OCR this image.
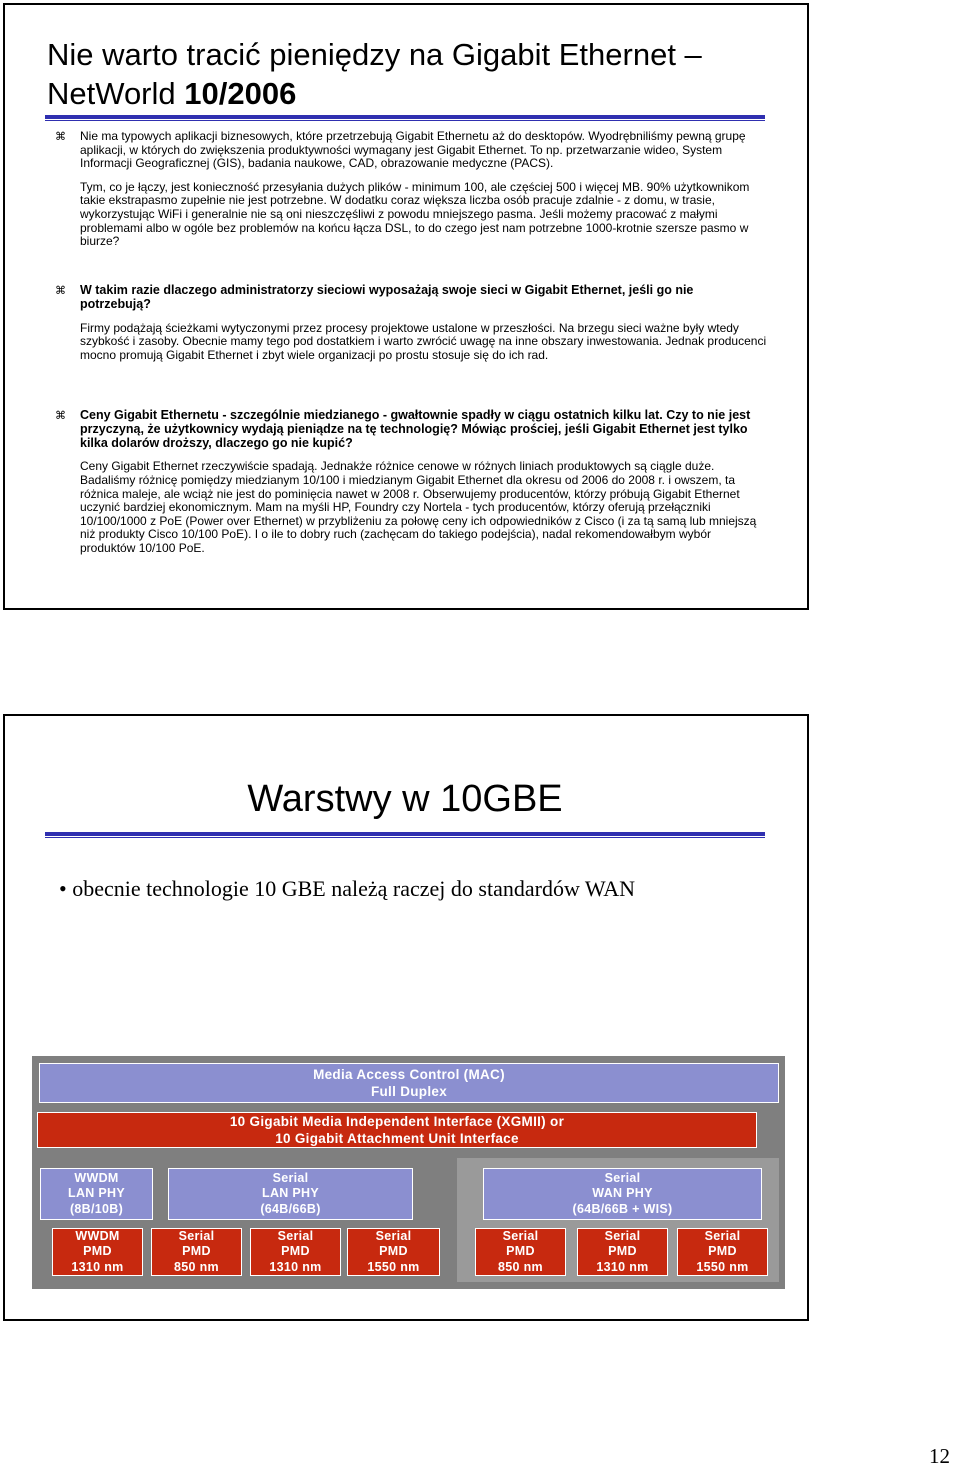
Nie warto tracić pieniędzy na Gigabit Ethernet –
NetWorld 10/2006
⌘ Nie ma typowych aplikacji biznesowych, które przetrzebują Gigabit Ethernetu aż do desktopów. Wyodrębniliśmy pewną grupę aplikacji, w których do zwiększenia produktywności wymagany jest Gigabit Ethernet. To np. przetwarzanie wideo, System Informacji Geograficznej (GIS), badania naukowe, CAD, obrazowanie medyczne (PACS).

Tym, co je łączy, jest konieczność przesyłania dużych plików - minimum 100, ale częściej 500 i więcej MB. 90% użytkownikom takie ekstrapasmo zupełnie nie jest potrzebne. W dodatku coraz większa liczba osób pracuje zdalnie - z domu, w trasie, wykorzystując WiFi i generalnie nie są oni nieszczęśliwi z powodu mniejszego pasma. Jeśli możemy pracować z małymi problemami albo w ogóle bez problemów na końcu łącza DSL, to do czego jest nam potrzebne 1000-krotnie szersze pasmo w biurze?

⌘ W takim razie dlaczego administratorzy sieciowi wyposażają swoje sieci w Gigabit Ethernet, jeśli go nie potrzebują?

Firmy podążają ścieżkami wytyczonymi przez procesy projektowe ustalone w przeszłości. Na brzegu sieci ważne były wtedy szybkość i zasoby. Obecnie mamy tego pod dostatkiem i warto zwrócić uwagę na inne obszary inwestowania. Jednak producenci mocno promują Gigabit Ethernet i zbyt wiele organizacji po prostu stosuje się do ich rad.

⌘ Ceny Gigabit Ethernetu - szczególnie miedzianego - gwałtownie spadły w ciągu ostatnich kilku lat. Czy to nie jest przyczyną, że użytkownicy wydają pieniądze na tę technologię? Mówiąc prościej, jeśli Gigabit Ethernet jest tylko kilka dolarów droższy, dlaczego go nie kupić?

Ceny Gigabit Ethernet rzeczywiście spadają. Jednakże różnice cenowe w różnych liniach produktowych są ciągle duże. Badaliśmy różnicę pomiędzy miedzianym 10/100 i miedzianym Gigabit Ethernet dla okresu od 2006 do 2008 r. i owszem, ta różnica maleje, ale wciąż nie jest do pominięcia nawet w 2008 r. Obserwujemy producentów, którzy próbują Gigabit Ethernet uczynić bardziej ekonomicznym. Mam na myśli HP, Foundry czy Nortela - tych producentów, którzy oferują przełączniki 10/100/1000 z PoE (Power over Ethernet) w przybliżeniu za połowę ceny ich odpowiedników z Cisco (i za tą samą lub mniejszą niż produkty Cisco 10/100 PoE). I o ile to dobry ruch (zachęcam do takiego podejścia), nadal rekomendowałbym wybór produktów 10/100 PoE.

Warstwy w 10GBE
• obecnie technologie 10 GBE należą raczej do standardów WAN
Media Access Control (MAC)
Full Duplex
10 Gigabit Media Independent Interface (XGMII) or
10 Gigabit Attachment Unit Interface
WWDM
LAN PHY
(8B/10B)
Serial
LAN PHY
(64B/66B)
Serial
WAN PHY
(64B/66B + WIS)
WWDM
PMD
1310 nm
Serial
PMD
850 nm
Serial
PMD
1310 nm
Serial
PMD
1550 nm
Serial
PMD
850 nm
Serial
PMD
1310 nm
Serial
PMD
1550 nm
12
